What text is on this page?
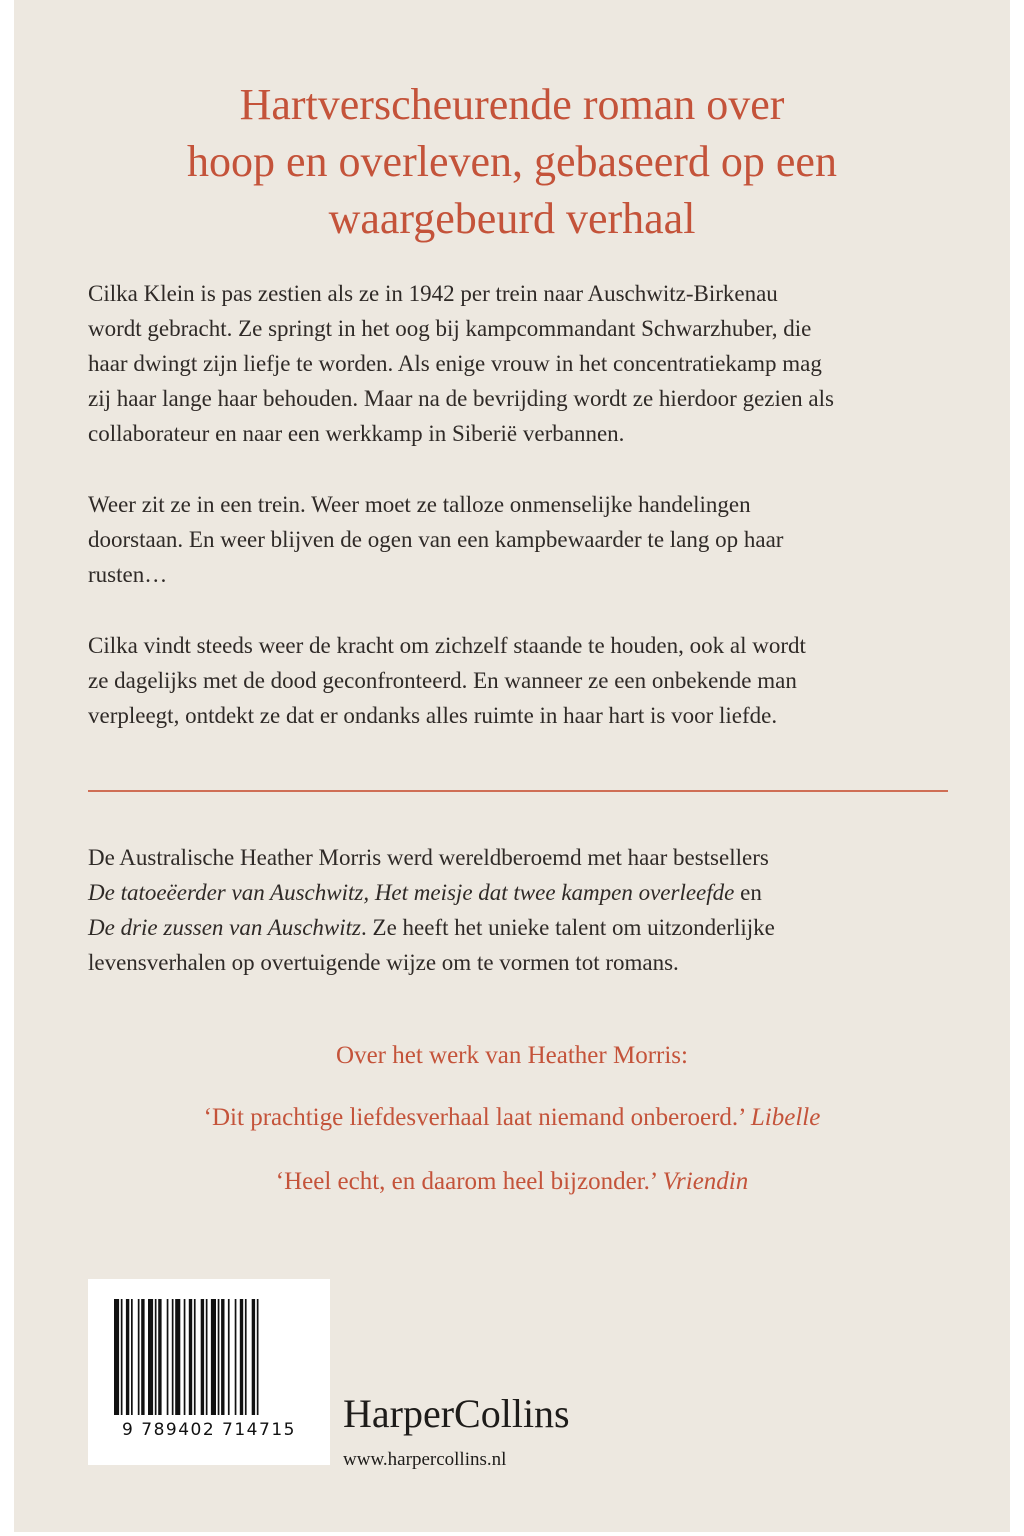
Hartverscheurende roman over
hoop en overleven, gebaseerd op een
waargebeurd verhaal
Cilka Klein is pas zestien als ze in 1942 per trein naar Auschwitz-Birkenau
wordt gebracht. Ze springt in het oog bij kampcommandant Schwarzhuber, die
haar dwingt zijn liefje te worden. Als enige vrouw in het concentratiekamp mag
zij haar lange haar behouden. Maar na de bevrijding wordt ze hierdoor gezien als
collaborateur en naar een werkkamp in Siberië verbannen.
Weer zit ze in een trein. Weer moet ze talloze onmenselijke handelingen
doorstaan. En weer blijven de ogen van een kampbewaarder te lang op haar
rusten…
Cilka vindt steeds weer de kracht om zichzelf staande te houden, ook al wordt
ze dagelijks met de dood geconfronteerd. En wanneer ze een onbekende man
verpleegt, ontdekt ze dat er ondanks alles ruimte in haar hart is voor liefde.
De Australische Heather Morris werd wereldberoemd met haar bestsellers
De tatoeëerder van Auschwitz, Het meisje dat twee kampen overleefde en
De drie zussen van Auschwitz. Ze heeft het unieke talent om uitzonderlijke
levensverhalen op overtuigende wijze om te vormen tot romans.
Over het werk van Heather Morris:
‘Dit prachtige liefdesverhaal laat niemand onberoerd.’ Libelle
‘Heel echt, en daarom heel bijzonder.’ Vriendin
9 789402 714715	HarperCollins
www.harpercollins.nl
